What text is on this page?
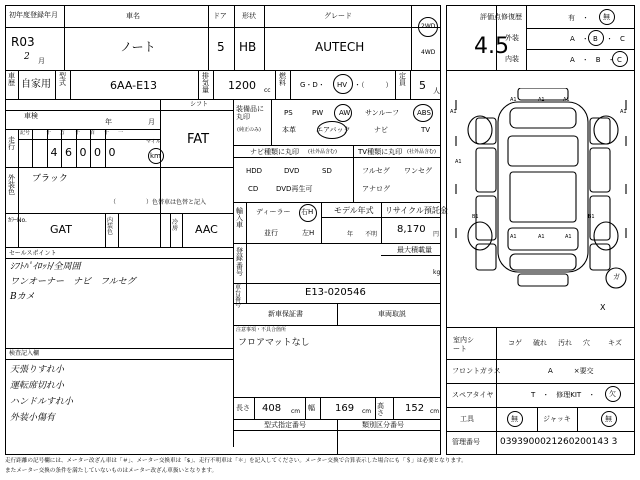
初年度登録年月
R03
2 月
車名
ノート
ドア
5
形状
HB
グレード
AUTECH
2WD
4WD
車歴 自家用
型式	6AA-E13
排気量 1200 cc
燃料 G・D・ HV ・（　　　）
定員 5 人
車検
年	月
シフト
FAT
走行
マイル
km
外装色
ブラック
（　　　　　）色替車は色替と記入
ｶﾗｰNo.
GAT
内装色
冷房 AAC
セールスポイント
検査記入欄
装備品に丸印
(純正のみ)
ナビ種類に丸印 (社外品含む)	TV種類に丸印 (社外品含む)
輸入車
ディーラー 右H
並行	左H
モデル年式
年 不明
リサイクル預託金
8,170 円
登録番号
最大積載量
kg
車台番号
E13-020546
新車保証書	車両取説
注意事項・不具合箇所
フロアマットなし
長さ 408 cm 幅 169 cm
高さ	152 cm
型式指定番号	類別区分番号
評価点
4.5
修復歴	有　・ 無
外装	A　・ B ・　C
内装	A　・　B　・ C
室内シート
フロントガラス	A　　　×要交
スペアタイヤ	T　・　修理KIT　・ 欠
工具	無	ジャッキ	無
管理番号 0393900021260200143 3
走行距離の記号欄には、メーター改ざん車は「＃」、メーター交換車は「$」、走行不明車は「＊」を記入してください。メーター交換で合算表示した場合にも「＄」は必要となります。
またメーター交換の条件を満たしていないものはメーター改ざん車扱いとなります。
記号	十 万 千 百 十 一
4 6 0 0 0
ｼﾌﾄﾊﾟｲﾛｯﾄ/全周囲
ワンオーナー　ナビ　フルセグ
Bカメ
天張りすれ小
運転席切れ小
ハンドルすれ小
外装小傷有
PS	PW AW サンルーフ	ABS
本革	エアバック	ナビ	TV
HDD	DVD	SD
CD	DVD再生可
フルセグ ワンセグ
アナログ
A1	A1	A1
A1	A1
A1
B1	B1
A1	A1	A1
X
ガ
コゲ 破れ 汚れ 穴	キズ
